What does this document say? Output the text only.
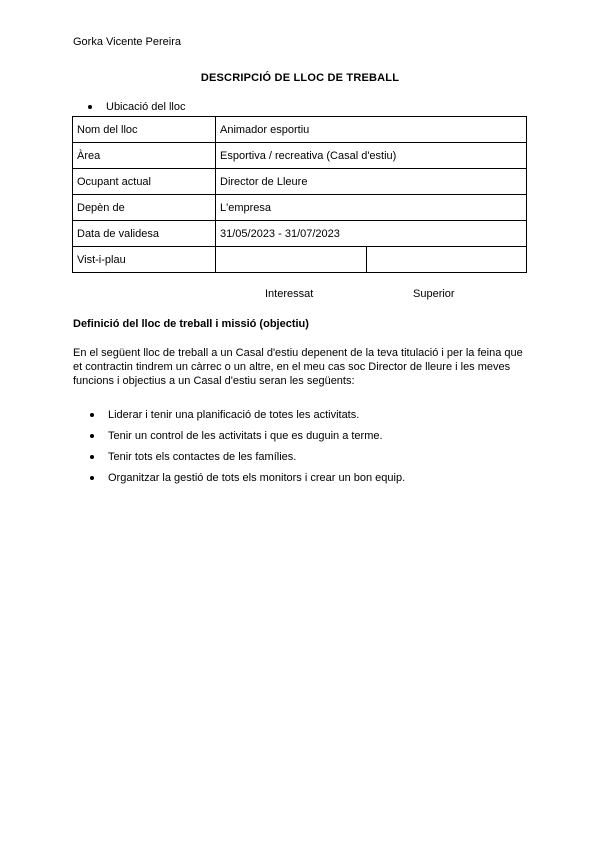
Gorka Vicente Pereira
DESCRIPCIÓ DE LLOC DE TREBALL
Ubicació del lloc
Nom del lloc	Animador esportiu	
Àrea	Esportiva / recreativa (Casal d'estiu)	
Ocupant actual	Director de Lleure	
Depèn de	L'empresa	
Data de validesa	31/05/2023 - 31/07/2023	
Vist-i-plau		
Interessat	Superior
Definició del lloc de treball i missió (objectiu)

En el següent lloc de treball a un Casal d'estiu depenent de la teva titulació i per la feina que et contractin tindrem un càrrec o un altre, en el meu cas soc Director de lleure i les meves funcions i objectius a un Casal d'estiu seran les següents:

Liderar i tenir una planificació de totes les activitats.
Tenir un control de les activitats i que es duguin a terme.
Tenir tots els contactes de les famílies.
Organitzar la gestió de tots els monitors i crear un bon equip.
